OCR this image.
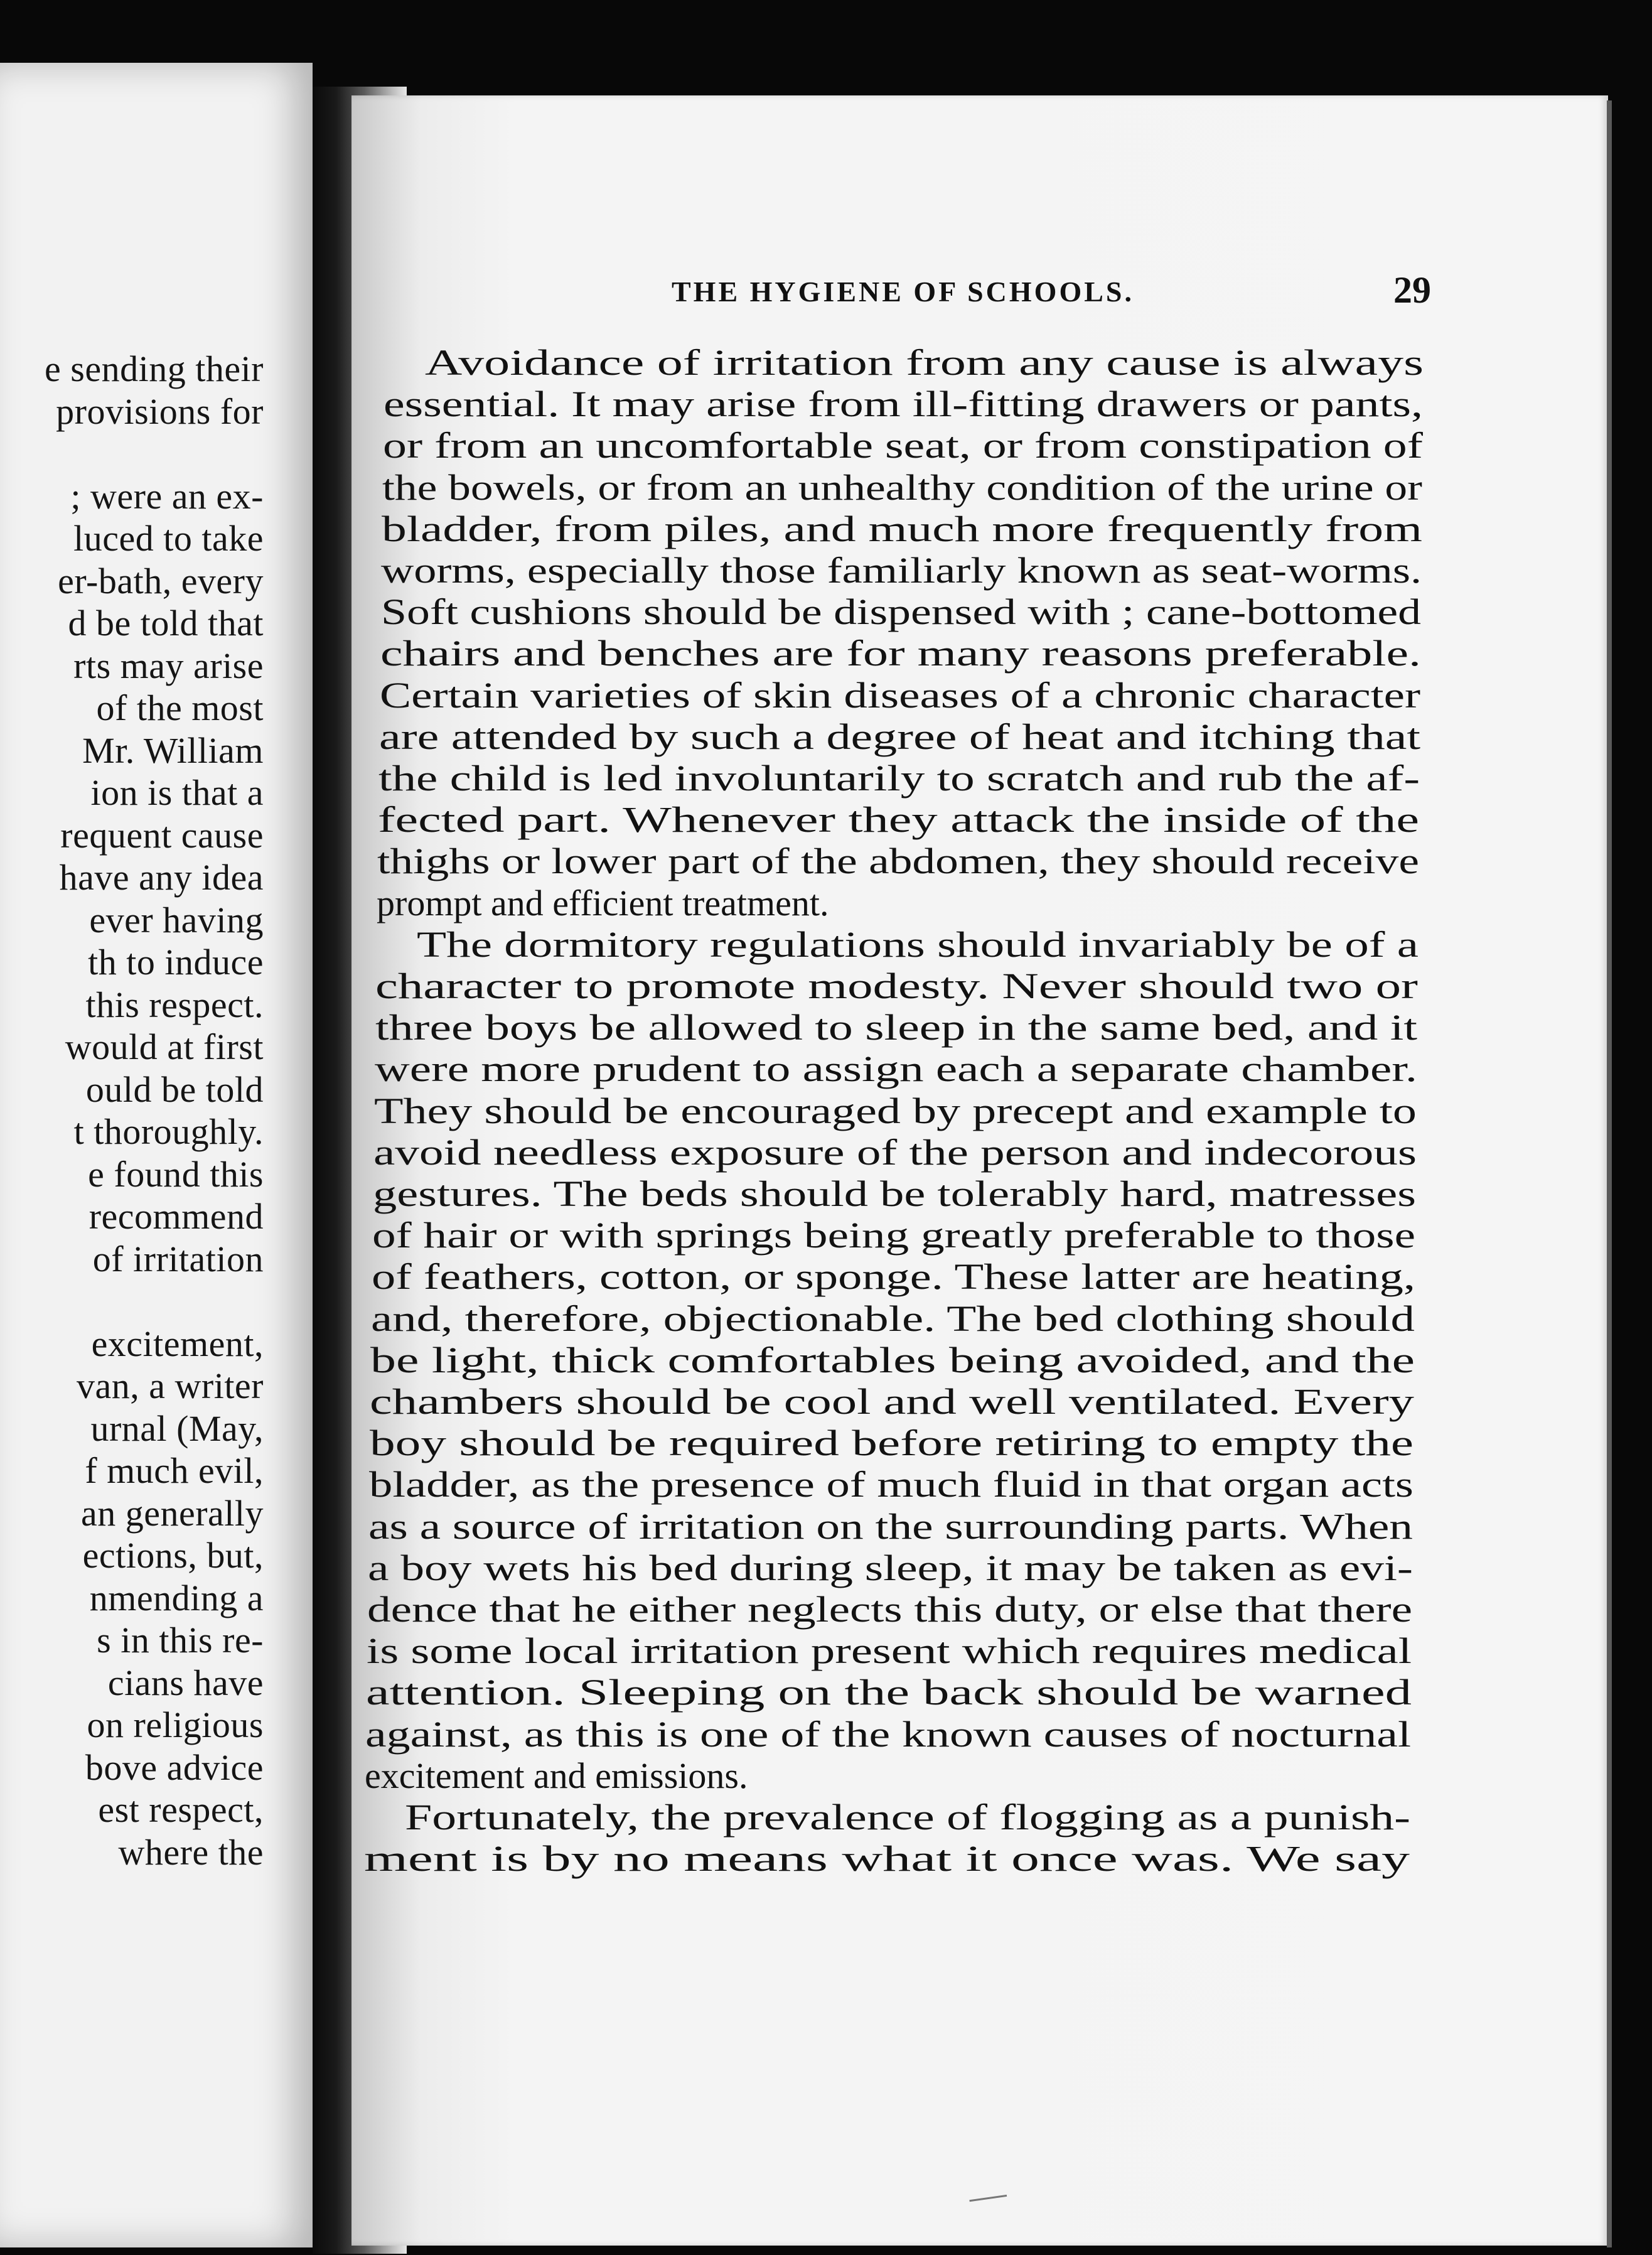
e sending their
provisions for
; were an ex-
luced to take
er-bath, every
d be told that
rts may arise
of the most
Mr. William
ion is that a
requent cause
have any idea
ever having
th to induce
this respect.
would at first
ould be told
t thoroughly.
e found this
recommend
of irritation
excitement,
van, a writer
urnal (May,
f much evil,
an generally
ections, but,
nmending a
s in this re-
cians have
on religious
bove advice
est respect,
where the
THE HYGIENE OF SCHOOLS.	29
Avoidance of irritation from any cause is always
essential. It may arise from ill-fitting drawers or pants,
or from an uncomfortable seat, or from constipation of
the bowels, or from an unhealthy condition of the urine or
bladder, from piles, and much more frequently from
worms, especially those familiarly known as seat-worms.
Soft cushions should be dispensed with ; cane-bottomed
chairs and benches are for many reasons preferable.
Certain varieties of skin diseases of a chronic character
are attended by such a degree of heat and itching that
the child is led involuntarily to scratch and rub the af-
fected part. Whenever they attack the inside of the
thighs or lower part of the abdomen, they should receive
prompt and efficient treatment.
The dormitory regulations should invariably be of a
character to promote modesty. Never should two or
three boys be allowed to sleep in the same bed, and it
were more prudent to assign each a separate chamber.
They should be encouraged by precept and example to
avoid needless exposure of the person and indecorous
gestures. The beds should be tolerably hard, matresses
of hair or with springs being greatly preferable to those
of feathers, cotton, or sponge. These latter are heating,
and, therefore, objectionable. The bed clothing should
be light, thick comfortables being avoided, and the
chambers should be cool and well ventilated. Every
boy should be required before retiring to empty the
bladder, as the presence of much fluid in that organ acts
as a source of irritation on the surrounding parts. When
a boy wets his bed during sleep, it may be taken as evi-
dence that he either neglects this duty, or else that there
is some local irritation present which requires medical
attention. Sleeping on the back should be warned
against, as this is one of the known causes of nocturnal
excitement and emissions.
Fortunately, the prevalence of flogging as a punish-
ment is by no means what it once was. We say
